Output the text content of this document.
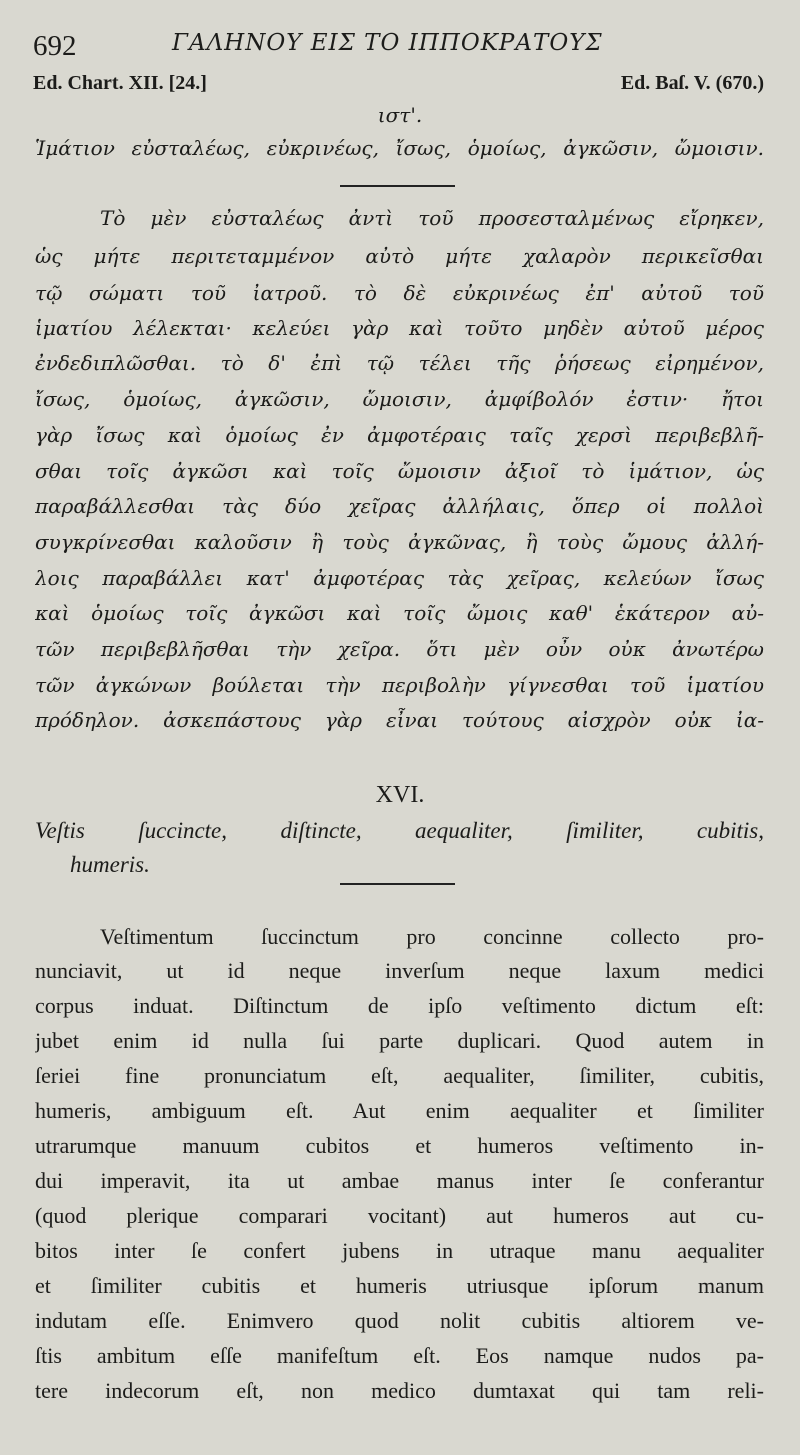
692	ΓΑΛΗΝΟΥ ΕΙΣ ΤΟ ΙΠΠΟΚΡΑΤΟΥΣ
Ed. Chart. XII. [24.]	Ed. Baſ. V. (670.)
ιστ'.
Ἱμάτιον εὐσταλέως, εὐκρινέως, ἴσως, ὁμοίως, ἀγκῶσιν, ὤμοισιν.
Τὸ μὲν εὐσταλέως ἀντὶ τοῦ προσεσταλμένως εἴρηκεν,
ὡς μήτε περιτεταμμένον αὐτὸ μήτε χαλαρὸν περικεῖσθαι
τῷ σώματι τοῦ ἰατροῦ. τὸ δὲ εὐκρινέως ἐπ' αὐτοῦ τοῦ
ἱματίου λέλεκται· κελεύει γὰρ καὶ τοῦτο μηδὲν αὐτοῦ μέρος
ἐνδεδιπλῶσθαι. τὸ δ' ἐπὶ τῷ τέλει τῆς ῥήσεως εἰρημένον,
ἴσως, ὁμοίως, ἀγκῶσιν, ὤμοισιν, ἀμφίβολόν ἐστιν· ἤτοι
γὰρ ἴσως καὶ ὁμοίως ἐν ἀμφοτέραις ταῖς χερσὶ περιβεβλῆ-
σθαι τοῖς ἀγκῶσι καὶ τοῖς ὤμοισιν ἀξιοῖ τὸ ἱμάτιον, ὡς
παραβάλλεσθαι τὰς δύο χεῖρας ἀλλήλαις, ὅπερ οἱ πολλοὶ
συγκρίνεσθαι καλοῦσιν ἢ τοὺς ἀγκῶνας, ἢ τοὺς ὤμους ἀλλή-
λοις παραβάλλει κατ' ἀμφοτέρας τὰς χεῖρας, κελεύων ἴσως
καὶ ὁμοίως τοῖς ἀγκῶσι καὶ τοῖς ὤμοις καθ' ἑκάτερον αὐ-
τῶν περιβεβλῆσθαι τὴν χεῖρα. ὅτι μὲν οὖν οὐκ ἀνωτέρω
τῶν ἀγκώνων βούλεται τὴν περιβολὴν γίγνεσθαι τοῦ ἱματίου
πρόδηλον. ἀσκεπάστους γὰρ εἶναι τούτους αἰσχρὸν οὐκ ἰα-
XVI.
Veſtis ſuccincte, diſtincte, aequaliter, ſimiliter, cubitis,
humeris.
Veſtimentum ſuccinctum pro concinne collecto pro-
nunciavit, ut id neque inverſum neque laxum medici
corpus induat. Diſtinctum de ipſo veſtimento dictum eſt:
jubet enim id nulla ſui parte duplicari. Quod autem in
ſeriei fine pronunciatum eſt, aequaliter, ſimiliter, cubitis,
humeris, ambiguum eſt. Aut enim aequaliter et ſimiliter
utrarumque manuum cubitos et humeros veſtimento in-
dui imperavit, ita ut ambae manus inter ſe conferantur
(quod plerique comparari vocitant) aut humeros aut cu-
bitos inter ſe confert jubens in utraque manu aequaliter
et ſimiliter cubitis et humeris utriusque ipſorum manum
indutam eſſe. Enimvero quod nolit cubitis altiorem ve-
ſtis ambitum eſſe manifeſtum eſt. Eos namque nudos pa-
tere indecorum eſt, non medico dumtaxat qui tam reli-
